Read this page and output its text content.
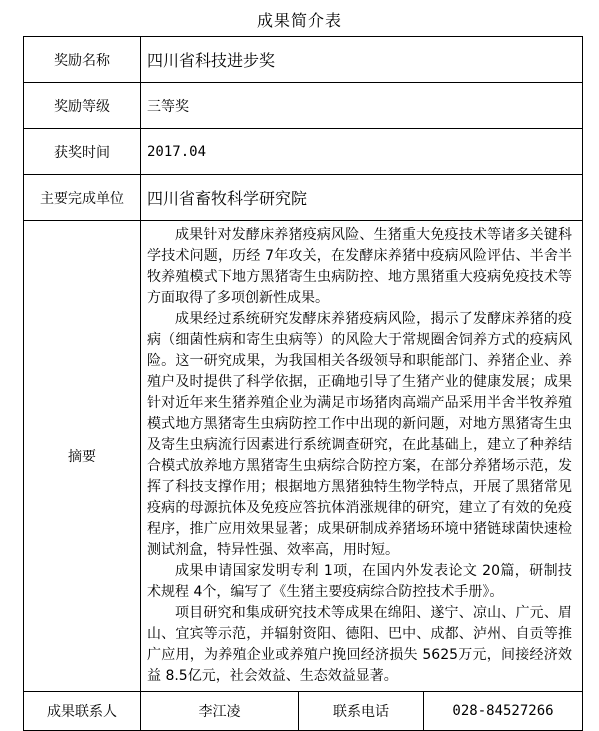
成果简介表
奖励名称	四川省科技进步奖		
奖励等级	三等奖		
获奖时间	2017.04		
主要完成单位	四川省畜牧科学研究院		
摘要	成果针对发酵床养猪疫病风险、生猪重大免疫技术等诸多关键科学技术问题，历经 7年攻关，在发酵床养猪中疫病风险评估、半舍半牧养殖模式下地方黑猪寄生虫病防控、地方黑猪重大疫病免疫技术等方面取得了多项创新性成果。

成果经过系统研究发酵床养猪疫病风险，揭示了发酵床养猪的疫病（细菌性病和寄生虫病等）的风险大于常规圈舍饲养方式的疫病风险。这一研究成果，为我国相关各级领导和职能部门、养猪企业、养殖户及时提供了科学依据，正确地引导了生猪产业的健康发展；成果针对近年来生猪养殖企业为满足市场猪肉高端产品采用半舍半牧养殖模式地方黑猪寄生虫病防控工作中出现的新问题，对地方黑猪寄生虫及寄生虫病流行因素进行系统调查研究，在此基础上，建立了种养结合模式放养地方黑猪寄生虫病综合防控方案，在部分养猪场示范，发挥了科技支撑作用；根据地方黑猪独特生物学特点，开展了黑猪常见疫病的母源抗体及免疫应答抗体消涨规律的研究，建立了有效的免疫程序，推广应用效果显著；成果研制成养猪场环境中猪链球菌快速检测试剂盒，特异性强、效率高，用时短。

成果申请国家发明专利 1项，在国内外发表论文 20篇，研制技术规程 4个，编写了《生猪主要疫病综合防控技术手册》。

项目研究和集成研究技术等成果在绵阳、遂宁、凉山、广元、眉山、宜宾等示范，并辐射资阳、德阳、巴中、成都、泸州、自贡等推广应用，为养殖企业或养殖户挽回经济损失 5625万元，间接经济效益 8.5亿元，社会效益、生态效益显著。		

成果联系人	李江凌	联系电话	028-84527266
